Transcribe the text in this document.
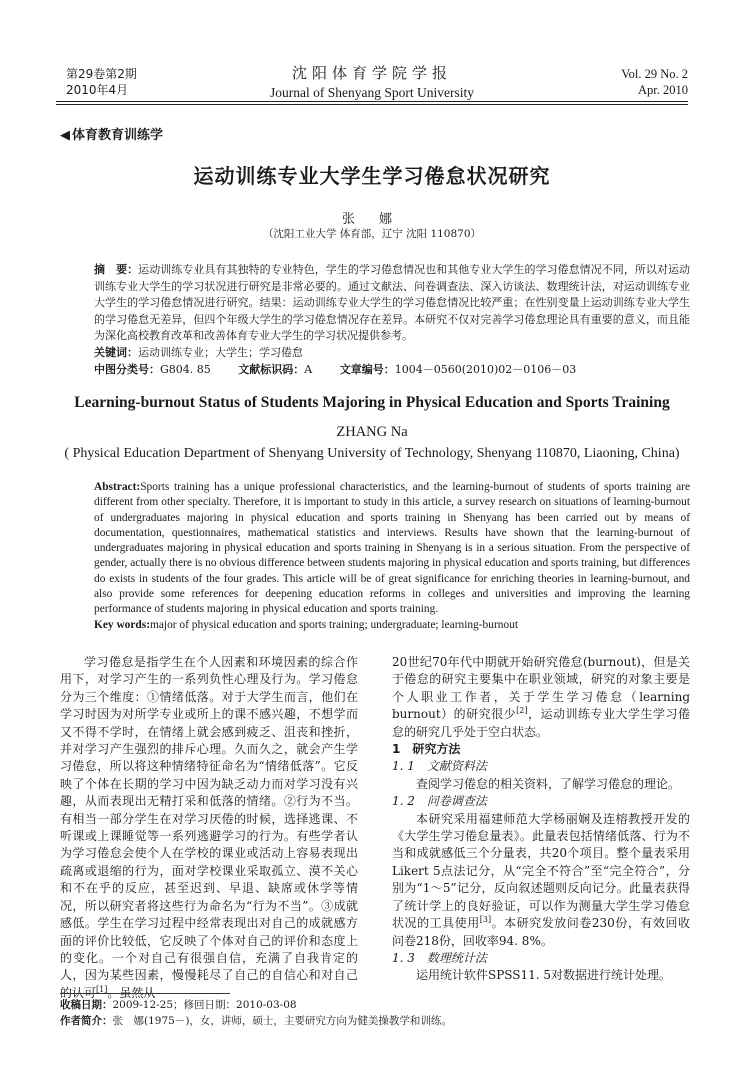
第29卷第2期
2010年4月
沈阳体育学院学报
Journal of Shenyang Sport University
Vol. 29 No. 2
Apr. 2010
◀ 体育教育训练学
运动训练专业大学生学习倦怠状况研究
张 娜
（沈阳工业大学 体育部，辽宁 沈阳 110870）
摘　要：运动训练专业具有其独特的专业特色，学生的学习倦怠情况也和其他专业大学生的学习倦怠情况不同，所以对运动训练专业大学生的学习状况进行研究是非常必要的。通过文献法、问卷调查法、深入访谈法、数理统计法，对运动训练专业大学生的学习倦怠情况进行研究。结果：运动训练专业大学生的学习倦怠情况比较严重；在性别变量上运动训练专业大学生的学习倦怠无差异，但四个年级大学生的学习倦怠情况存在差异。本研究不仅对完善学习倦怠理论具有重要的意义，而且能为深化高校教育改革和改善体育专业大学生的学习状况提供参考。
关键词：运动训练专业；大学生；学习倦怠
中图分类号：G804. 85	文献标识码：A	文章编号：1004－0560(2010)02－0106－03
Learning-burnout Status of Students Majoring in Physical Education and Sports Training
ZHANG Na
( Physical Education Department of Shenyang University of Technology, Shenyang 110870, Liaoning, China)
Abstract:Sports training has a unique professional characteristics, and the learning-burnout of students of sports training are different from other specialty. Therefore, it is important to study in this article, a survey research on situations of learning-burnout of undergraduates majoring in physical education and sports training in Shenyang has been carried out by means of documentation, questionnaires, mathematical statistics and interviews. Results have shown that the learning-burnout of undergraduates majoring in physical education and sports training in Shenyang is in a serious situation. From the perspective of gender, actually there is no obvious difference between students majoring in physical education and sports training, but differences do exists in students of the four grades. This article will be of great significance for enriching theories in learning-burnout, and also provide some references for deepening education reforms in colleges and universities and improving the learning performance of students majoring in physical education and sports training.
Key words:major of physical education and sports training; undergraduate; learning-burnout

学习倦怠是指学生在个人因素和环境因素的综合作用下，对学习产生的一系列负性心理及行为。学习倦怠分为三个维度：①情绪低落。对于大学生而言，他们在学习时因为对所学专业或所上的课不感兴趣，不想学而又不得不学时，在情绪上就会感到疲乏、沮丧和挫折，并对学习产生强烈的排斥心理。久而久之，就会产生学习倦怠，所以将这种情绪特征命名为“情绪低落”。它反映了个体在长期的学习中因为缺乏动力而对学习没有兴趣，从而表现出无精打采和低落的情绪。②行为不当。有相当一部分学生在对学习厌倦的时候，选择逃课、不听课或上课睡觉等一系列逃避学习的行为。有些学者认为学习倦怠会使个人在学校的课业或活动上容易表现出疏离或退缩的行为，面对学校课业采取孤立、漠不关心和不在乎的反应，甚至迟到、早退、缺席或休学等情况，所以研究者将这些行为命名为“行为不当”。③成就感低。学生在学习过程中经常表现出对自己的成就感方面的评价比较低，它反映了个体对自己的评价和态度上的变化。一个对自己有很强自信，充满了自我肯定的人，因为某些因素，慢慢耗尽了自己的自信心和对自己的认可[1]。虽然从

20世纪70年代中期就开始研究倦怠(burnout)，但是关于倦怠的研究主要集中在职业领域，研究的对象主要是个人职业工作者，关于学生学习倦怠（learning burnout）的研究很少[2]，运动训练专业大学生学习倦怠的研究几乎处于空白状态。

1　研究方法

1. 1　文献资料法

查阅学习倦怠的相关资料，了解学习倦怠的理论。

1. 2　问卷调查法

本研究采用福建师范大学杨丽娴及连榕教授开发的《大学生学习倦怠量表》。此量表包括情绪低落、行为不当和成就感低三个分量表，共20个项目。整个量表采用Likert 5点法记分，从“完全不符合”至“完全符合”，分别为“1～5”记分，反向叙述题则反向记分。此量表获得了统计学上的良好验证，可以作为测量大学生学习倦怠状况的工具使用[3]。本研究发放问卷230份，有效回收问卷218份，回收率94. 8%。

1. 3　数理统计法

运用统计软件SPSS11. 5对数据进行统计处理。

收稿日期：2009-12-25；修回日期：2010-03-08
作者简介：张　娜(1975－)，女，讲师，硕士，主要研究方向为健美操教学和训练。
